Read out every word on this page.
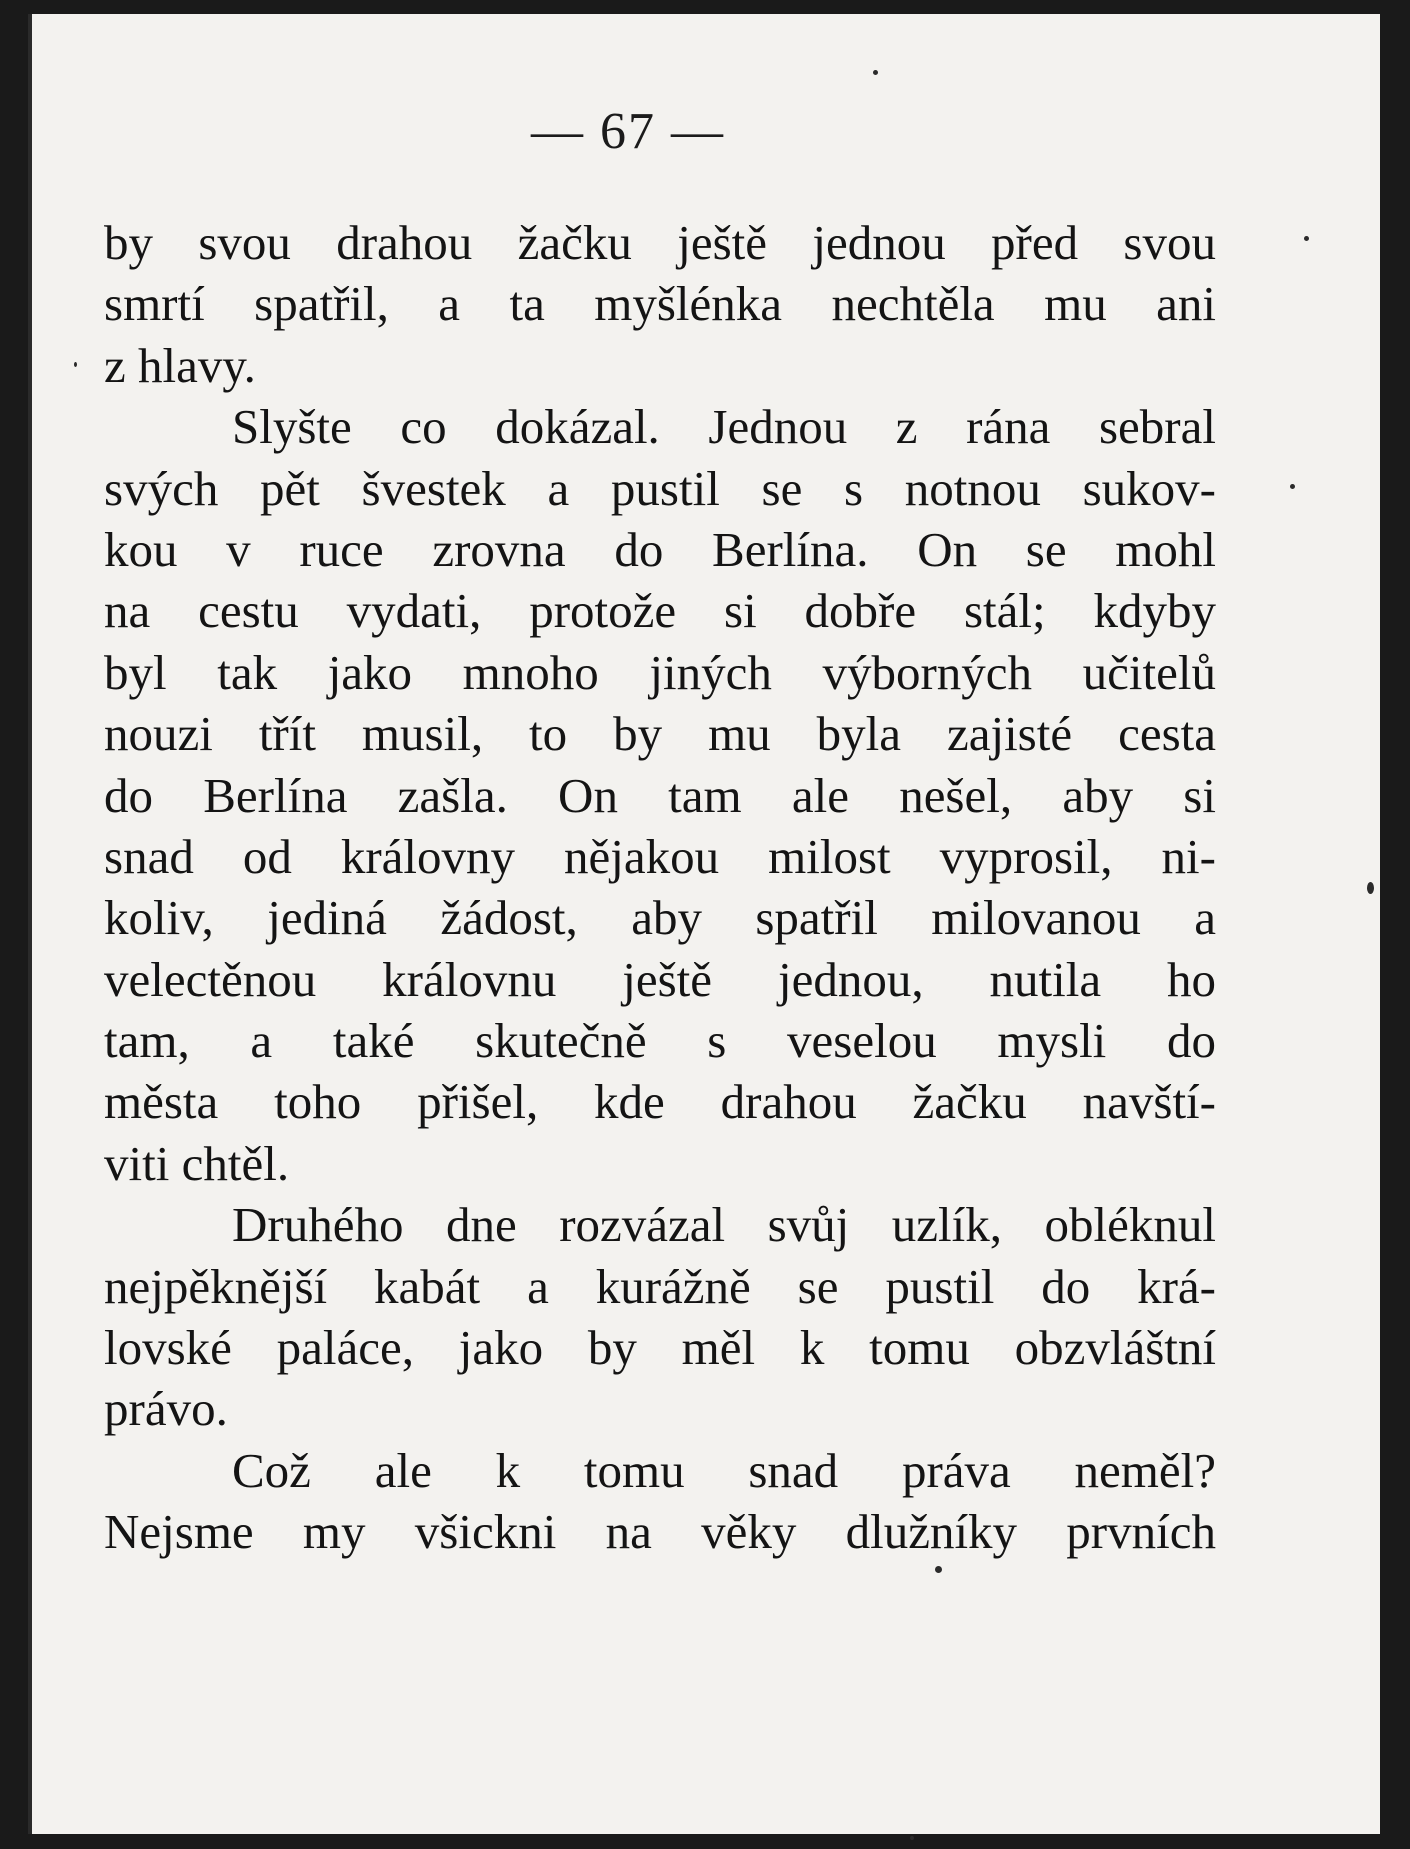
— 67 —
by svou drahou žačku ještě jednou před svou
smrtí spatřil, a ta myšlénka nechtěla mu ani
z hlavy.
Slyšte co dokázal. Jednou z rána sebral
svých pět švestek a pustil se s notnou sukov-
kou v ruce zrovna do Berlína. On se mohl
na cestu vydati, protože si dobře stál; kdyby
byl tak jako mnoho jiných výborných učitelů
nouzi třít musil, to by mu byla zajisté cesta
do Berlína zašla. On tam ale nešel, aby si
snad od královny nějakou milost vyprosil, ni-
koliv, jediná žádost, aby spatřil milovanou a
velectěnou královnu ještě jednou, nutila ho
tam, a také skutečně s veselou mysli do
města toho přišel, kde drahou žačku navští-
viti chtěl.
Druhého dne rozvázal svůj uzlík, obléknul
nejpěknější kabát a kurážně se pustil do krá-
lovské paláce, jako by měl k tomu obzvláštní
právo.
Což ale k tomu snad práva neměl?
Nejsme my všickni na věky dlužníky prvních
